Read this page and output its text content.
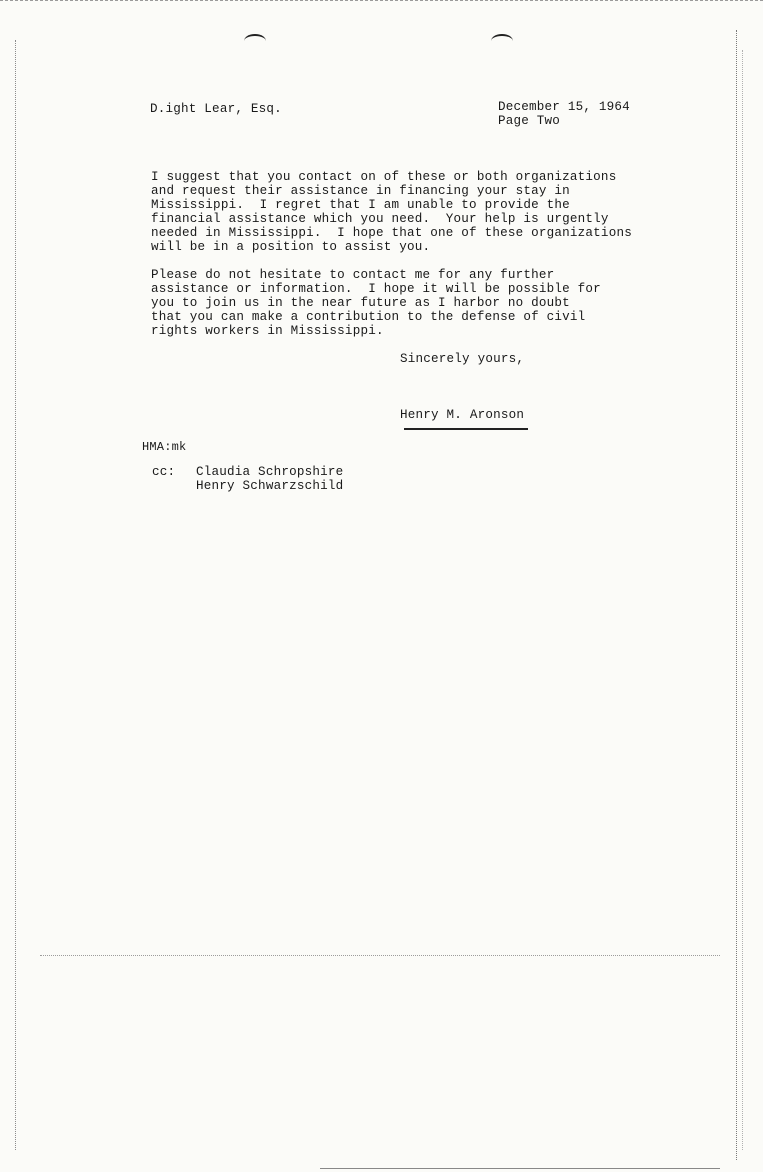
D.ight Lear, Esq.	December 15, 1964
Page Two
I suggest that you contact on of these or both organizations
and request their assistance in financing your stay in
Mississippi.  I regret that I am unable to provide the
financial assistance which you need.  Your help is urgently
needed in Mississippi.  I hope that one of these organizations
will be in a position to assist you.
Please do not hesitate to contact me for any further
assistance or information.  I hope it will be possible for
you to join us in the near future as I harbor no doubt
that you can make a contribution to the defense of civil
rights workers in Mississippi.
Sincerely yours,
Henry M. Aronson
HMA:mk
cc: Claudia Schropshire
Henry Schwarzschild
